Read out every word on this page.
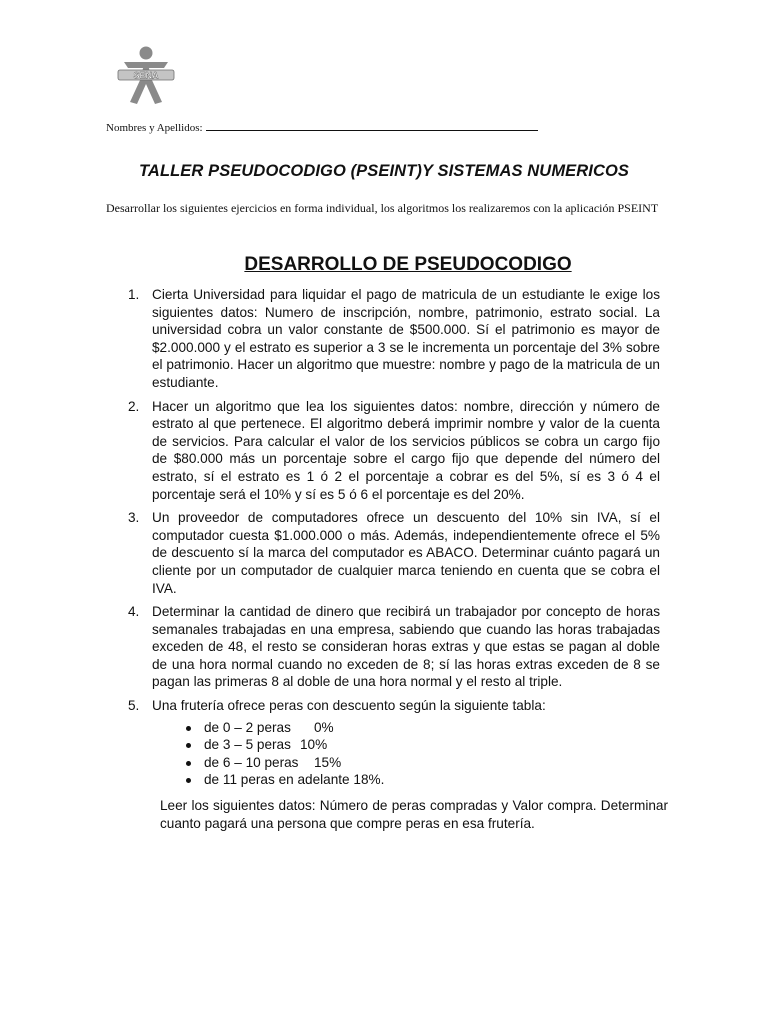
SENA
Nombres y Apellidos:
TALLER PSEUDOCODIGO (PSEINT)Y SISTEMAS NUMERICOS
Desarrollar los siguientes ejercicios en forma individual, los algoritmos los realizaremos con la aplicación PSEINT
DESARROLLO DE PSEUDOCODIGO
1. Cierta Universidad para liquidar el pago de matricula de un estudiante le exige los siguientes datos: Numero de inscripción, nombre, patrimonio, estrato social. La universidad cobra un valor constante de $500.000. Sí el patrimonio es mayor de $2.000.000 y el estrato es superior a 3 se le incrementa un porcentaje del 3% sobre el patrimonio. Hacer un algoritmo que muestre: nombre y pago de la matricula de un estudiante.
2. Hacer un algoritmo que lea los siguientes datos: nombre, dirección y número de estrato al que pertenece. El algoritmo deberá imprimir nombre y valor de la cuenta de servicios. Para calcular el valor de los servicios públicos se cobra un cargo fijo de $80.000 más un porcentaje sobre el cargo fijo que depende del número del estrato, sí el estrato es 1 ó 2 el porcentaje a cobrar es del 5%, sí es 3 ó 4 el porcentaje será el 10% y sí es 5 ó 6 el porcentaje es del 20%.
3. Un proveedor de computadores ofrece un descuento del 10% sin IVA, sí el computador cuesta $1.000.000 o más. Además, independientemente ofrece el 5% de descuento sí la marca del computador es ABACO. Determinar cuánto pagará un cliente por un computador de cualquier marca teniendo en cuenta que se cobra el IVA.
4. Determinar la cantidad de dinero que recibirá un trabajador por concepto de horas semanales trabajadas en una empresa, sabiendo que cuando las horas trabajadas exceden de 48, el resto se consideran horas extras y que estas se pagan al doble de una hora normal cuando no exceden de 8; sí las horas extras exceden de 8 se pagan las primeras 8 al doble de una hora normal y el resto al triple.
5. Una frutería ofrece peras con descuento según la siguiente tabla:
de 0 – 2 peras 0%
de 3 – 5 peras 10%
de 6 – 10 peras 15%
de 11 peras en adelante 18%.
Leer los siguientes datos: Número de peras compradas y Valor compra. Determinar cuanto pagará una persona que compre peras en esa frutería.
